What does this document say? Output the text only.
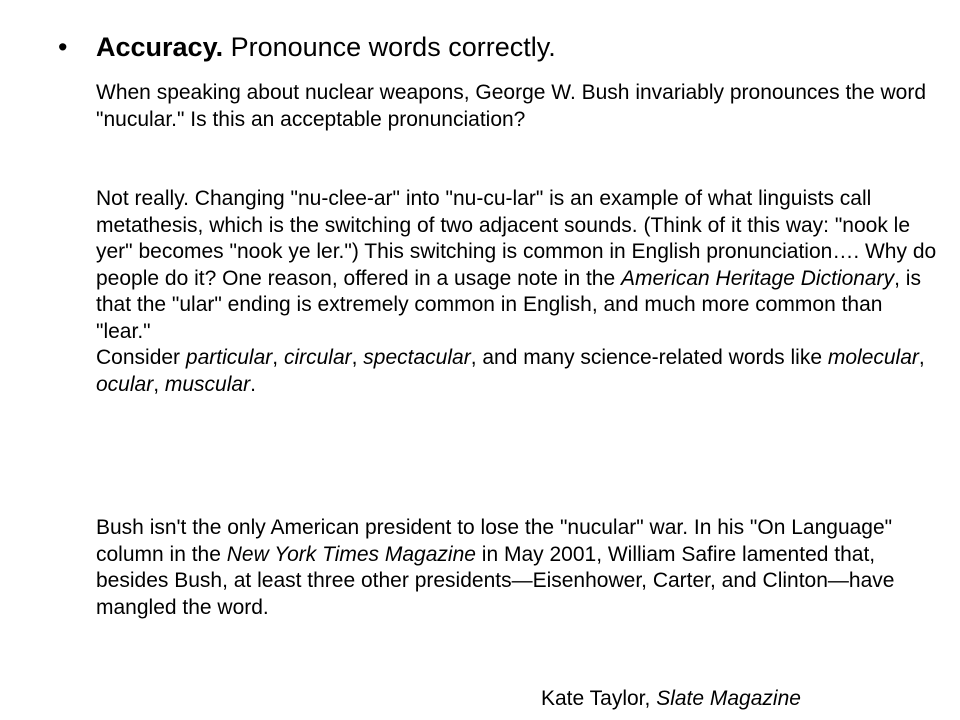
• Accuracy. Pronounce words correctly.
When speaking about nuclear weapons, George W. Bush invariably pronounces the word "nucular." Is this an acceptable pronunciation?
Not really. Changing "nu-clee-ar" into "nu-cu-lar" is an example of what linguists call metathesis, which is the switching of two adjacent sounds. (Think of it this way: "nook le yer" becomes "nook ye ler.") This switching is common in English pronunciation…. Why do people do it? One reason, offered in a usage note in the American Heritage Dictionary, is that the "ular" ending is extremely common in English, and much more common than "lear."
Consider particular, circular, spectacular, and many science-related words like molecular, ocular, muscular.
Bush isn't the only American president to lose the "nucular" war. In his "On Language" column in the New York Times Magazine in May 2001, William Safire lamented that, besides Bush, at least three other presidents—Eisenhower, Carter, and Clinton—have mangled the word.
Kate Taylor, Slate Magazine
